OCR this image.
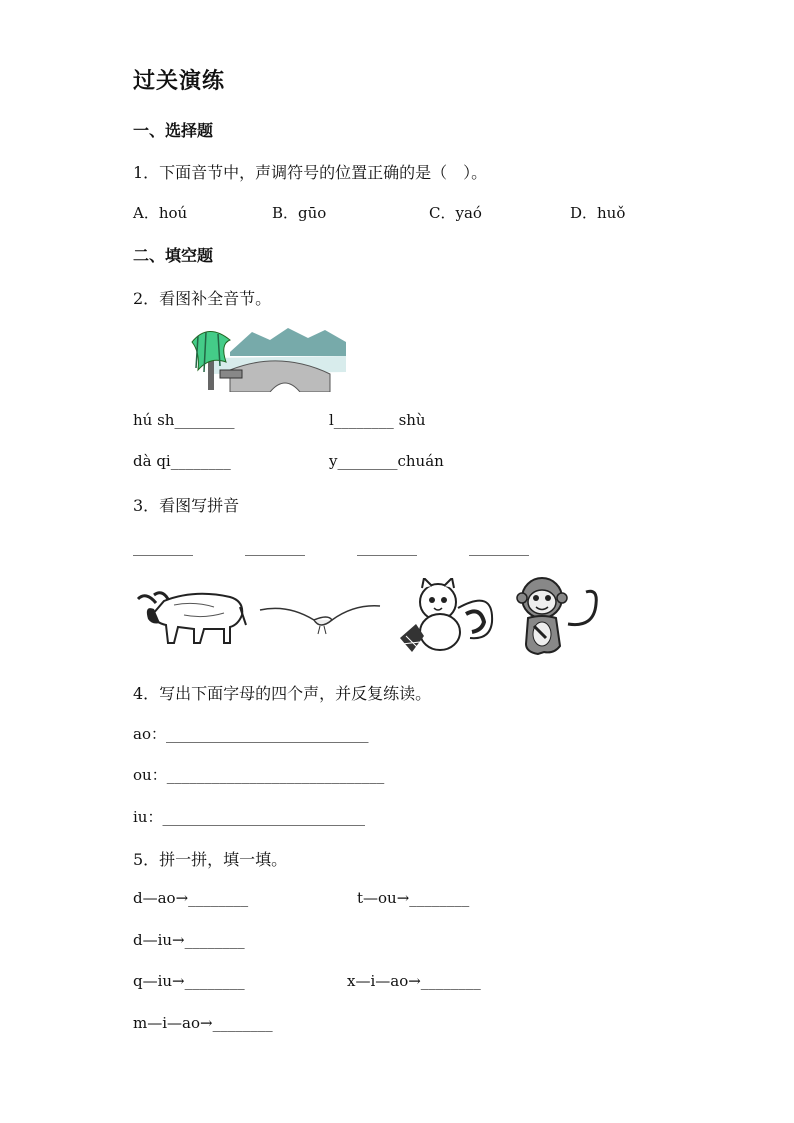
过关演练
一、选择题
1．下面音节中，声调符号的位置正确的是（　）。
A．hoú	B．gūo	C．yaó	D．huǒ
二、填空题
2．看图补全音节。
hú sh________	l________ shù
dà qi________	y________chuán
3．看图写拼音
________	________	________	________
4．写出下面字母的四个声，并反复练读。
ao：___________________________
ou：_____________________________
iu：___________________________
5．拼一拼，填一填。
d—ao→________	t—ou→________
d—iu→________
q—iu→________	x—i—ao→________
m—i—ao→________
